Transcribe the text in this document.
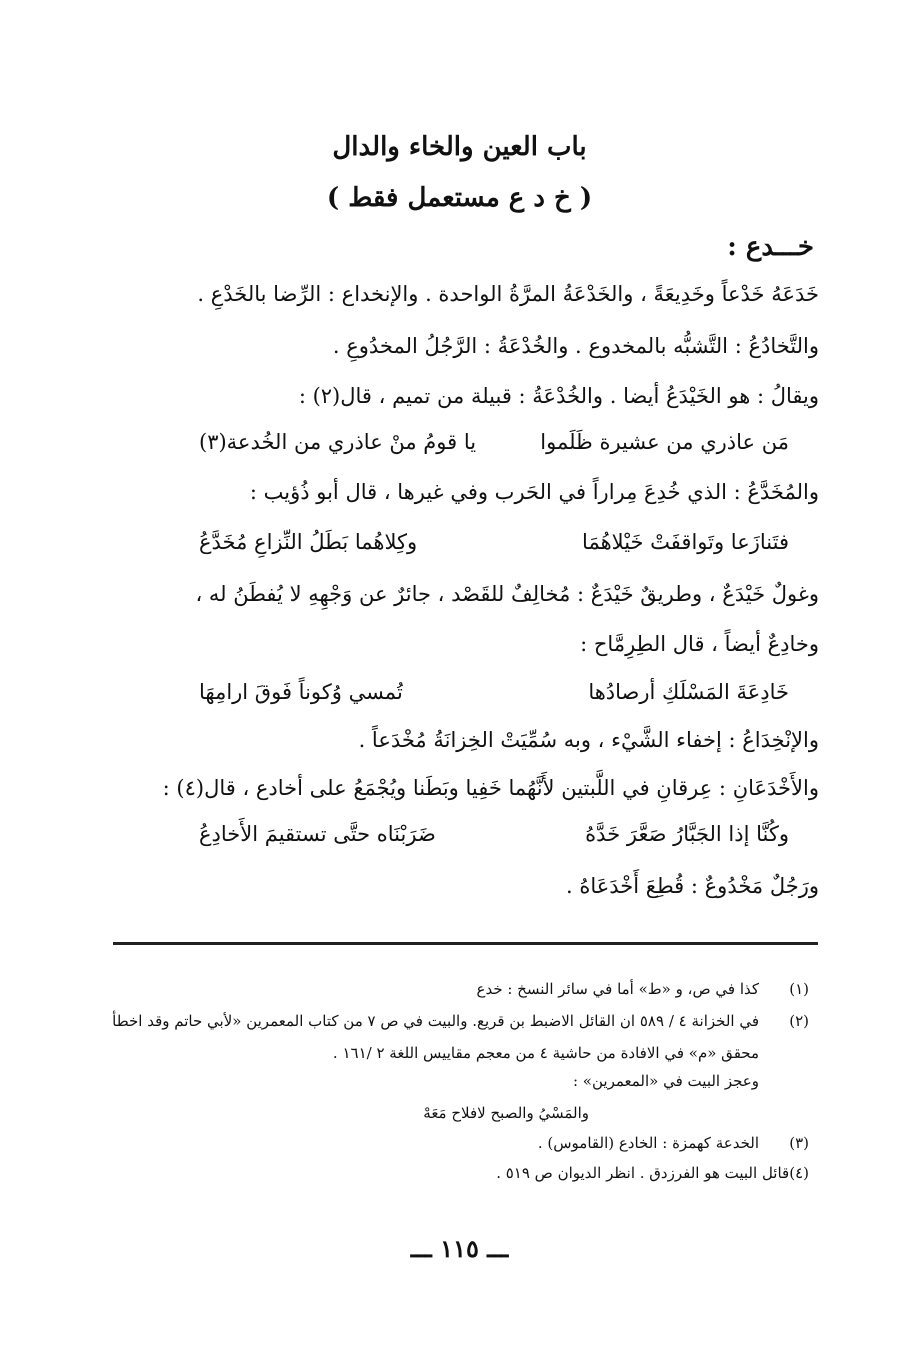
باب العين والخاء والدال
( خ د ع مستعمل فقط )
خـــدع :
خَدَعَهُ خَدْعاً وخَدِيعَةً ، والخَدْعَةُ المرَّةُ الواحدة . والإنخداع : الرِّضا بالخَدْعِ .
والتَّخادُعُ : التَّشبُّه بالمخدوع . والخُدْعَةُ : الرَّجُلُ المخدُوعِ .
ويقالُ : هو الخَيْدَعُ أيضا . والخُدْعَةُ : قبيلة من تميم ، قال(٢) :
مَن عاذري من عشيرة ظَلَموا
يا قومُ منْ عاذري من الخُدعة(٣)
والمُخَدَّعُ : الذي خُدِعَ مِراراً في الحَرب وفي غيرها ، قال أبو ذُؤيب :
فتَنازَعا وتَواقفَتْ خَيْلاهُمَا
وكِلاهُما بَطَلُ النِّزاعِ مُخَدَّعُ
وغولٌ خَيْدَعٌ ، وطريقٌ خَيْدَعٌ : مُخالِفٌ للقَصْد ، جائرٌ عن وَجْهِهِ لا يُفطَنُ له ،
وخادِعٌ أيضاً ، قال الطِرِمَّاح :
خَادِعَةَ المَسْلَكِ أرصادُها
تُمسي وُكوناً فَوقَ ارامِهَا
والإنْخِدَاعُ : إخفاء الشَّيْء ، وبه سُمِّيَتْ الخِزانَةُ مُخْدَعاً .
والأَخْدَعَانِ : عِرقانِ في اللَّبتين لأَنَّهُما خَفِيا وبَطَنا ويُجْمَعُ على أخادع ، قال(٤) :
وكُنَّا إذا الجَبَّارُ صَعَّرَ خَدَّهُ
ضَرَبْنَاه حتَّى تستقيمَ الأَخادِعُ
ورَجُلٌ مَخْدُوعٌ : قُطِعَ أَخْدَعَاهُ .
(١)كذا في ص، و «ط» أما في سائر النسخ : خدع
(٢)في الخزانة ٤ / ٥٨٩ ان القائل الاضبط بن قريع. والبيت في ص ٧ من كتاب المعمرين «لأبي حاتم وقد اخطأ
محقق «م» في الافادة من حاشية ٤ من معجم مقاييس اللغة ٢ /١٦١ .
وعجز البيت في «المعمرين» :
والمَسْيُ والصبح لافلاح مَعَهْ
(٣)الخدعة كهمزة : الخادع (القاموس) .
(٤)قائل البيت هو الفرزدق . انظر الديوان ص ٥١٩ .
ـــ ١١٥ ـــ
